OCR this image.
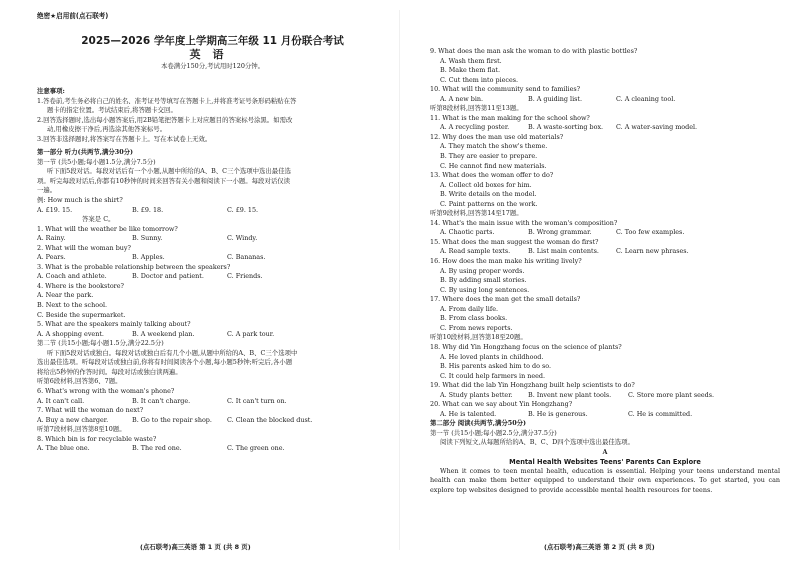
绝密★启用前(点石联考)
2025—2026 学年度上学期高三年级 11 月份联合考试
英语
本卷满分150分,考试用时120分钟。
注意事项:
1.答卷前,考生务必将自己的姓名、准考证号等填写在答题卡上,并将准考证号条形码粘贴在答
题卡的指定位置。考试结束后,将答题卡交回。
2.回答选择题时,选出每小题答案后,用2B铅笔把答题卡上对应题目的答案标号涂黑。如需改
动,用橡皮擦干净后,再选涂其他答案标号。
3.回答非选择题时,将答案写在答题卡上。写在本试卷上无效。
第一部分 听力(共两节,满分30分)
第一节 (共5小题;每小题1.5分,满分7.5分)
听下面5段对话。每段对话后有一个小题,从题中所给的A、B、C三个选项中选出最佳选
项。听完每段对话后,你都有10秒钟的时间来回答有关小题和阅读下一小题。每段对话仅读
一遍。
例: How much is the shirt?
A. £19. 15.	B. £9. 18.	C. £9. 15.
答案是 C。
1. What will the weather be like tomorrow?
A. Rainy.	B. Sunny.	C. Windy.
2. What will the woman buy?
A. Pears.	B. Apples.	C. Bananas.
3. What is the probable relationship between the speakers?
A. Coach and athlete.	B. Doctor and patient.	C. Friends.
4. Where is the bookstore?
A. Near the park.
B. Next to the school.
C. Beside the supermarket.
5. What are the speakers mainly talking about?
A. A shopping event.	B. A weekend plan.	C. A park tour.
第二节 (共15小题;每小题1.5分,满分22.5分)
听下面5段对话或独白。每段对话或独白后有几个小题,从题中所给的A、B、C三个选项中
选出最佳选项。听每段对话或独白前,你将有时间阅读各个小题,每小题5秒钟;听完后,各小题
将给出5秒钟的作答时间。每段对话或独白读两遍。
听第6段材料,回答第6、7题。
6. What's wrong with the woman's phone?
A. It can't call.	B. It can't charge.	C. It can't turn on.
7. What will the woman do next?
A. Buy a new charger.	B. Go to the repair shop.	C. Clean the blocked dust.
听第7段材料,回答第8至10题。
8. Which bin is for recyclable waste?
A. The blue one.	B. The red one.	C. The green one.
(点石联考)高三英语 第 1 页 (共 8 页)
9. What does the man ask the woman to do with plastic bottles?
A. Wash them first.
B. Make them flat.
C. Cut them into pieces.
10. What will the community send to families?
A. A new bin.	B. A guiding list.	C. A cleaning tool.
听第8段材料,回答第11至13题。
11. What is the man making for the school show?
A. A recycling poster.	B. A waste-sorting box.	C. A water-saving model.
12. Why does the man use old materials?
A. They match the show's theme.
B. They are easier to prepare.
C. He cannot find new materials.
13. What does the woman offer to do?
A. Collect old boxes for him.
B. Write details on the model.
C. Paint patterns on the work.
听第9段材料,回答第14至17题。
14. What's the main issue with the woman's composition?
A. Chaotic parts.	B. Wrong grammar.	C. Too few examples.
15. What does the man suggest the woman do first?
A. Read sample texts.	B. List main contents.	C. Learn new phrases.
16. How does the man make his writing lively?
A. By using proper words.
B. By adding small stories.
C. By using long sentences.
17. Where does the man get the small details?
A. From daily life.
B. From class books.
C. From news reports.
听第10段材料,回答第18至20题。
18. Why did Yin Hongzhang focus on the science of plants?
A. He loved plants in childhood.
B. His parents asked him to do so.
C. It could help farmers in need.
19. What did the lab Yin Hongzhang built help scientists to do?
A. Study plants better.	B. Invent new plant tools.	C. Store more plant seeds.
20. What can we say about Yin Hongzhang?
A. He is talented.	B. He is generous.	C. He is committed.
第二部分 阅读(共两节,满分50分)
第一节 (共15小题;每小题2.5分,满分37.5分)
阅读下列短文,从每题所给的A、B、C、D四个选项中选出最佳选项。
A
Mental Health Websites Teens' Parents Can Explore
When it comes to teen mental health, education is essential. Helping your teens understand mental health can make them better equipped to understand their own experiences. To get started, you can explore top websites designed to provide accessible mental health resources for teens.
(点石联考)高三英语 第 2 页 (共 8 页)
